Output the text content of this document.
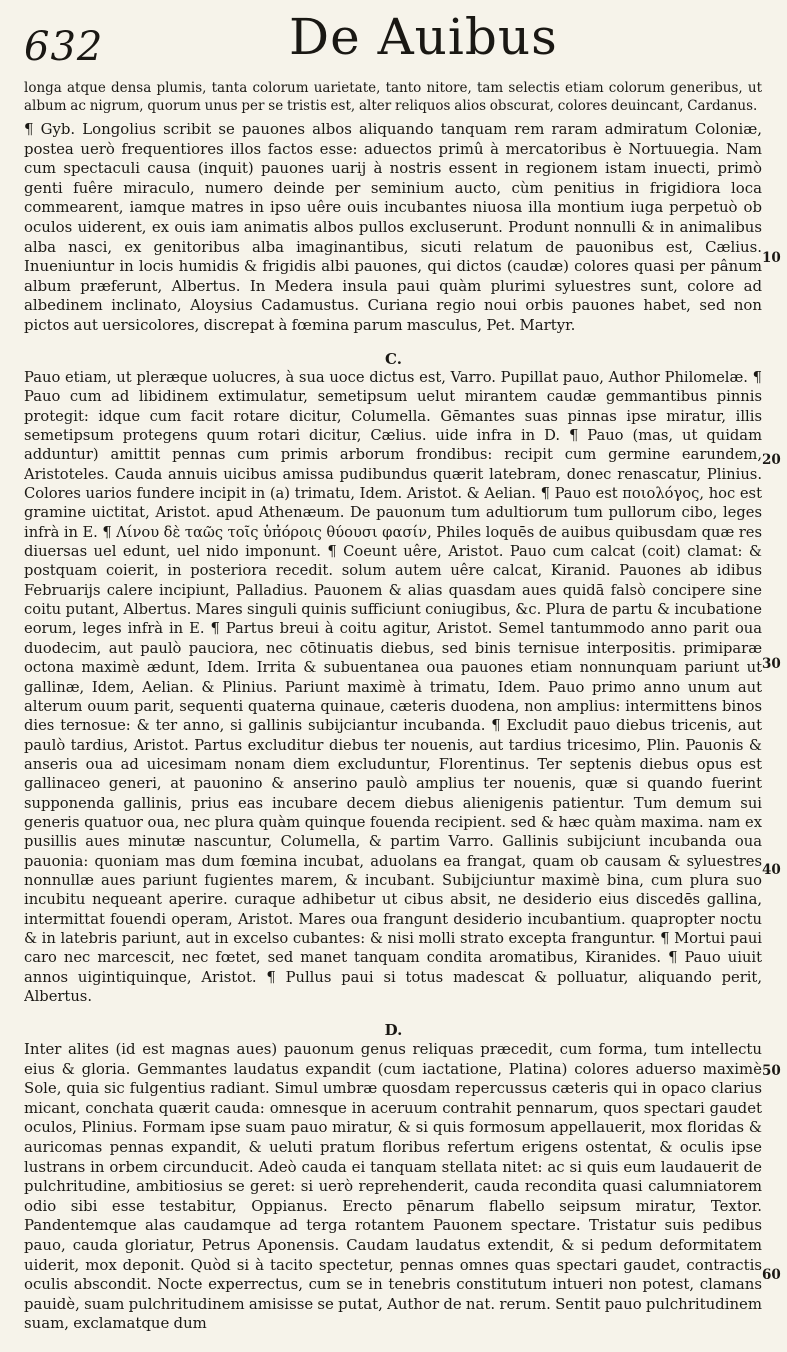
632	De Auibus
longa atque densa plumis, tanta colorum uarietate, tanto nitore, tam selectis etiam colorum generibus, ut album ac nigrum, quorum unus per se tristis est, alter reliquos alios obscurat, colores deuincant, Cardanus.
¶ Gyb. Longolius scribit se pauones albos aliquando tanquam rem raram admiratum Coloniæ, postea uerò frequentiores illos factos esse: aduectos primû à mercatoribus è Nortuuegia. Nam cum spectaculi causa (inquit) pauones uarij à nostris essent in regionem istam inuecti, primò genti fuêre miraculo, numero deinde per seminium aucto, cùm penitius in frigidiora loca commearent, iamque matres in ipso uêre ouis incubantes niuosa illa montium iuga perpetuò ob oculos uiderent, ex ouis iam animatis albos pullos excluserunt. Produnt nonnulli & in animalibus alba nasci, ex genitoribus alba imaginantibus, sicuti relatum de pauonibus est, Cælius. Inueniuntur in locis humidis & frigidis albi pauones, qui dictos (caudæ) colores quasi per pânum album præferunt, Albertus. In Medera insula paui quàm plurimi syluestres sunt, colore ad albedinem inclinato, Aloysius Cadamustus. Curiana regio noui orbis pauones habet, sed non pictos aut uersicolores, discrepat à fœmina parum masculus, Pet. Martyr.
C.
Pauo etiam, ut pleræque uolucres, à sua uoce dictus est, Varro. Pupillat pauo, Author Philomelæ. ¶ Pauo cum ad libidinem extimulatur, semetipsum uelut mirantem caudæ gemmantibus pinnis protegit: idque cum facit rotare dicitur, Columella. Gēmantes suas pinnas ipse miratur, illis semetipsum protegens quum rotari dicitur, Cælius. uide infra in D. ¶ Pauo (mas, ut quidam adduntur) amittit pennas cum primis arborum frondibus: recipit cum germine earundem, Aristoteles. Cauda annuis uicibus amissa pudibundus quærit latebram, donec renascatur, Plinius. Colores uarios fundere incipit in (a) trimatu, Idem. Aristot. & Aelian. ¶ Pauo est ποιολόγος, hoc est gramine uictitat, Aristot. apud Athenæum. De pauonum tum adultiorum tum pullorum cibo, leges infrà in E. ¶ Λίνου δὲ ταῶς τοῖς ὑπ̓όροις θύουσι φασίν, Philes loquēs de auibus quibusdam quæ res diuersas uel edunt, uel nido imponunt. ¶ Coeunt uêre, Aristot. Pauo cum calcat (coit) clamat: & postquam coierit, in posteriora recedit. solum autem uêre calcat, Kiranid. Pauones ab idibus Februarijs calere incipiunt, Palladius. Pauonem & alias quasdam aues quidā falsò concipere sine coitu putant, Albertus. Mares singuli quinis sufficiunt coniugibus, &c. Plura de partu & incubatione eorum, leges infrà in E. ¶ Partus breui à coitu agitur, Aristot. Semel tantummodo anno parit oua duodecim, aut paulò pauciora, nec cōtinuatis diebus, sed binis ternisue interpositis. primiparæ octona maximè ædunt, Idem. Irrita & subuentanea oua pauones etiam nonnunquam pariunt ut gallinæ, Idem, Aelian. & Plinius. Pariunt maximè à trimatu, Idem. Pauo primo anno unum aut alterum ouum parit, sequenti quaterna quinaue, cæteris duodena, non amplius: intermittens binos dies ternosue: & ter anno, si gallinis subijciantur incubanda. ¶ Excludit pauo diebus tricenis, aut paulò tardius, Aristot. Partus excluditur diebus ter nouenis, aut tardius tricesimo, Plin. Pauonis & anseris oua ad uicesimam nonam diem excluduntur, Florentinus. Ter septenis diebus opus est gallinaceo generi, at pauonino & anserino paulò amplius ter nouenis, quæ si quando fuerint supponenda gallinis, prius eas incubare decem diebus alienigenis patientur. Tum demum sui generis quatuor oua, nec plura quàm quinque fouenda recipient. sed & hæc quàm maxima. nam ex pusillis aues minutæ nascuntur, Columella, & partim Varro. Gallinis subijciunt incubanda oua pauonia: quoniam mas dum fœmina incubat, aduolans ea frangat, quam ob causam & syluestres nonnullæ aues pariunt fugientes marem, & incubant. Subijciuntur maximè bina, cum plura suo incubitu nequeant aperire. curaque adhibetur ut cibus absit, ne desiderio eius discedēs gallina, intermittat fouendi operam, Aristot. Mares oua frangunt desiderio incubantium. quapropter noctu & in latebris pariunt, aut in excelso cubantes: & nisi molli strato excepta franguntur. ¶ Mortui paui caro nec marcescit, nec fœtet, sed manet tanquam condita aromatibus, Kiranides. ¶ Pauo uiuit annos uigintiquinque, Aristot. ¶ Pullus paui si totus madescat & polluatur, aliquando perit, Albertus.
D.
Inter alites (id est magnas aues) pauonum genus reliquas præcedit, cum forma, tum intellectu eius & gloria. Gemmantes laudatus expandit (cum iactatione, Platina) colores aduerso maximè Sole, quia sic fulgentius radiant. Simul umbræ quosdam repercussus cæteris qui in opaco clarius micant, conchata quærit cauda: omnesque in aceruum contrahit pennarum, quos spectari gaudet oculos, Plinius. Formam ipse suam pauo miratur, & si quis formosum appellauerit, mox floridas & auricomas pennas expandit, & ueluti pratum floribus refertum erigens ostentat, & oculis ipse lustrans in orbem circunducit. Adeò cauda ei tanquam stellata nitet: ac si quis eum laudauerit de pulchritudine, ambitiosius se geret: si uerò reprehenderit, cauda recondita quasi calumniatorem odio sibi esse testabitur, Oppianus. Erecto pēnarum flabello seipsum miratur, Textor. Pandentemque alas caudamque ad terga rotantem Pauonem spectare. Tristatur suis pedibus pauo, cauda gloriatur, Petrus Aponensis. Caudam laudatus extendit, & si pedum deformitatem uiderit, mox deponit. Quòd si à tacito spectetur, pennas omnes quas spectari gaudet, contractis oculis abscondit. Nocte experrectus, cum se in tenebris constitutum intueri non potest, clamans pauidè, suam pulchritudinem amisisse se putat, Author de nat. rerum. Sentit pauo pulchritudinem suam, exclamatque dum
10
20
30
40
50
60
